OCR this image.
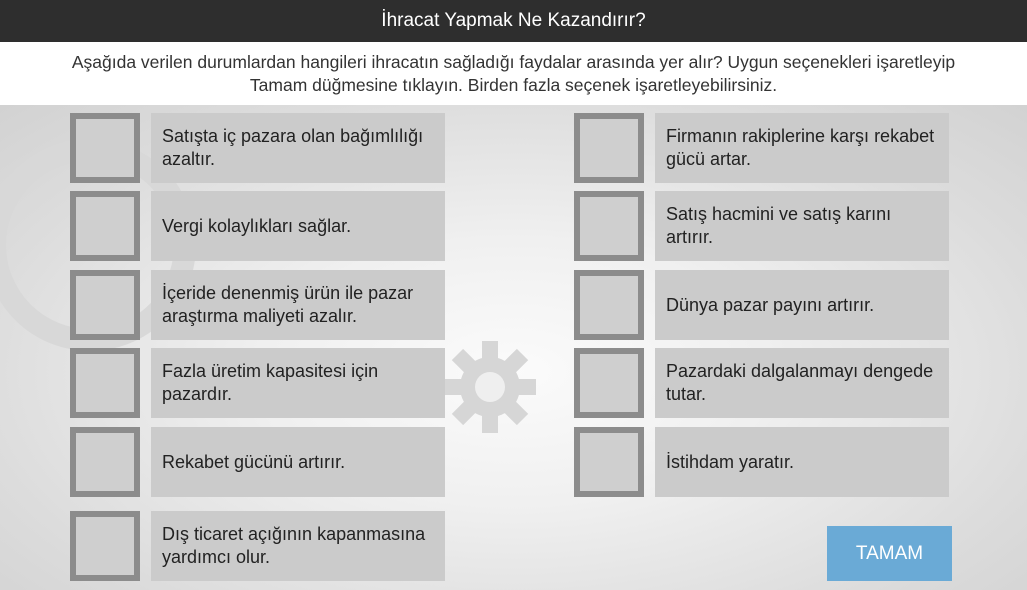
İhracat Yapmak Ne Kazandırır?
Aşağıda verilen durumlardan hangileri ihracatın sağladığı faydalar arasında yer alır? Uygun seçenekleri işaretleyip Tamam düğmesine tıklayın. Birden fazla seçenek işaretleyebilirsiniz.
Satışta iç pazara olan bağımlılığı azaltır.
Vergi kolaylıkları sağlar.
İçeride denenmiş ürün ile pazar araştırma maliyeti azalır.
Fazla üretim kapasitesi için pazardır.
Rekabet gücünü artırır.
Dış ticaret açığının kapanmasına yardımcı olur.
Firmanın rakiplerine karşı rekabet gücü artar.
Satış hacmini ve satış karını artırır.
Dünya pazar payını artırır.
Pazardaki dalgalanmayı dengede tutar.
İstihdam yaratır.
TAMAM
